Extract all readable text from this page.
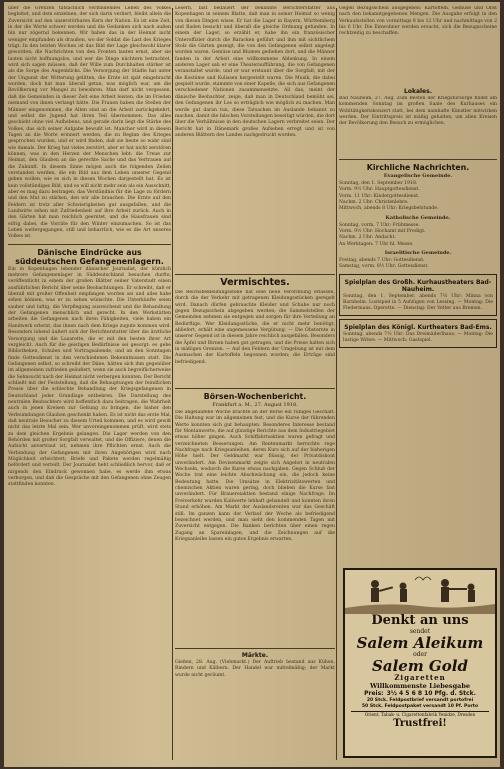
über die Grenzen tatsächlich verbindendes Leben des Volkes begleitet, und dem einzelnen, der sich darin verliert, bleibt allein die Zuversicht auf den unzerstörbaren Kern der Nation. Es ist eine Zeit, in der die Worte schwer werden und die Gedanken sich nach außen hin nur zögernd bekennen. Wir haben das in der Heimat nicht weniger empfunden als draußen, wo der Soldat die Last des Krieges trägt. In den letzten Wochen ist das Bild der Lage gleichwohl klarer geworden; die Nachrichten von den Fronten lauten ernst, aber sie lauten nicht hoffnungslos, und wer die Dinge nüchtern betrachtet, wird sich sagen müssen, daß der Wille zum Durchhalten stärker ist als die Sorge des Augenblicks. Die Versorgung der Städte hat unter der Ungunst der Witterung gelitten, die Ernte ist spät eingebracht worden, doch hat man überall getan, was möglich war, um die Bevölkerung vor Mangel zu bewahren. Man darf nicht vergessen, daß die Gemeinden in dieser Zeit eine Arbeit leisten, die im Frieden niemand von ihnen verlangt hätte. Die Frauen haben die Stellen der Männer eingenommen, die Alten sind an die Arbeit zurückgekehrt, und selbst die Jugend hat ihren Teil übernommen. Das alles geschieht ohne viel Aufhebens, und gerade darin liegt die Stärke des Volkes, das sich seiner Aufgabe bewußt ist. Mancher wird in diesen Tagen an die Worte erinnert werden, die zu Beginn des Krieges gesprochen wurden, und er wird finden, daß sie heute so wahr sind wie damals. Der Krieg hat vieles zerstört, aber er hat nicht zerstören können, was in den Herzen der Menschen lebt: die Treue zur Heimat, den Glauben an die gerechte Sache und das Vertrauen auf die Zukunft. In diesem Sinne mögen auch die folgenden Zeilen verstanden werden, die ein Bild aus dem Leben unserer Gegend geben wollen, wie es sich in diesen Wochen dargestellt hat. Es ist kein vollständiges Bild, und es will nicht mehr sein als ein Ausschnitt, aber es mag dazu beitragen, das Verständnis für die Lage zu fördern und den Mut zu stärken, den wir alle brauchen. Die Ernte auf den Feldern ist trotz aller Schwierigkeiten gut ausgefallen, und die Landwirte sehen mit Zufriedenheit auf ihre Arbeit zurück. Auch in den Gärten hat man reichlich geerntet, und die Hausfrauen sind eifrig dabei, die Vorräte für den Winter einzumachen. So ist das Leben weitergegangen, still und beharrlich, wie es die Art unseres Volkes ist.
Dänische Eindrücke aus süddeutschen Gefangenenlagern.
Ein in Kopenhagen lebender dänischer Journalist, der kürzlich mehrere Gefangenenlager in Süddeutschland besuchen durfte, veröffentlicht in einem der großen Blätter seiner Vaterstadt einen ausführlichen Bericht über seine Beobachtungen. Er schreibt, daß er überall mit großer Offenheit empfangen worden sei und alles habe sehen können, was er zu sehen wünschte. Die Unterkünfte seien sauber und luftig, die Verpflegung ausreichend und die Behandlung der Gefangenen menschlich und gerecht. In den Werkstätten arbeiten die Gefangenen nach ihren Fähigkeiten, viele haben ein Handwerk erlernt, das ihnen nach dem Kriege zugute kommen wird. Besonders lobend äußert sich der Berichterstatter über die ärztliche Versorgung und die Lazarette, die er mit den besten ihrer Art vergleicht. Auch für die geistigen Bedürfnisse sei gesorgt: es gebe Bibliotheken, Schulen und Vortragsabende, und an den Sonntagen finde Gottesdienst in den verschiedenen Bekenntnissen statt. Die Gefangenen selbst, so schreibt der Däne, hätten sich ihm gegenüber im allgemeinen zufrieden geäußert, wenn sie auch begreiflicherweise die Sehnsucht nach der Heimat nicht verbergen konnten. Der Bericht schließt mit der Feststellung, daß die Behauptungen der feindlichen Presse über die schlechte Behandlung der Kriegsgefangenen in Deutschland jeder Grundlage entbehren. Die Darstellung des neutralen Beobachters wird hoffentlich dazu beitragen, die Wahrheit auch in jenen Kreisen zur Geltung zu bringen, die bisher den Verleumdungen Glauben geschenkt haben. Es ist nicht das erste Mal, daß neutrale Besucher zu diesem Urteil kommen, und es wird gewiß nicht das letzte Mal sein. Wer unvoreingenommen prüft, wird stets zu dem gleichen Ergebnis gelangen. Die Lager werden von den Behörden mit großer Sorgfalt verwaltet, und die Offiziere, denen die Aufsicht anvertraut ist, nehmen ihre Pflichten ernst. Auch die Verbindung der Gefangenen mit ihren Angehörigen wird nach Möglichkeit erleichtert; Briefe und Pakete werden regelmäßig befördert und verteilt. Der Journalist hebt schließlich hervor, daß er nirgends den Eindruck gewonnen habe, es werde ihm etwas verborgen, und daß die Gespräche mit den Gefangenen ohne Zeugen stattfinden konnten.
Lesern, fast bedauert der bekannte Berichterstatter aus Kopenhagen in seinem Blatte, daß man in seiner Heimat so wenig von diesen Dingen wisse. Er hat die Lager in Bayern, Württemberg und Baden besucht und überall die gleiche Ordnung gefunden. In einem der Lager, so erzählt er, habe ihn ein französischer Unteroffizier durch die Baracken geführt und ihm mit sichtlichem Stolz die Gärten gezeigt, die von den Gefangenen selbst angelegt worden waren. Gemüse und Blumen gediehen dort, und die Männer fanden in der Arbeit eine willkommene Ablenkung. In einem anderen Lager sah er eine Theateraufführung, die von Gefangenen veranstaltet wurde, und er war erstaunt über die Sorgfalt, mit der die Kostüme und Kulissen hergestellt waren. Die Musik, die dabei gespielt wurde, stammte von einer Kapelle, die sich aus Gefangenen verschiedener Nationen zusammensetzte. All das, meint der dänische Beobachter, zeige, daß man in Deutschland bemüht sei, den Gefangenen ihr Los so erträglich wie möglich zu machen. Man werde gut daran tun, diese Tatsachen im Auslande bekannt zu machen, damit die falschen Vorstellungen beseitigt würden, die dort über die Verhältnisse in den deutschen Lagern verbreitet seien. Der Bericht hat in Dänemark großes Aufsehen erregt und ist von anderen Blättern des Landes nachgedruckt worden.
Vermischtes.
Die Reichsbekleidungsstelle hat eine neue Verordnung erlassen, durch die der Verkehr mit getragenen Kleidungsstücken geregelt wird. Danach dürfen gebrauchte Kleider und Schuhe nur noch gegen Bezugsschein abgegeben werden; die Sammelstellen der Gemeinden nehmen sie entgegen und sorgen für ihre Verteilung an Bedürftige. Wer Kleidungsstücke, die er nicht mehr benötigt, abliefert, erhält eine angemessene Vergütung. — Die Obsternte in unserer Gegend ist in diesem Jahre reichlich ausgefallen. Besonders die Äpfel und Birnen haben gut getragen, und die Preise halten sich in mäßigen Grenzen. — Auf den Feldern der Umgebung ist mit dem Ausmachen der Kartoffeln begonnen worden; die Erträge sind befriedigend.
Börsen-Wochenbericht.
Frankfurt a. M., 27. August 1918.
Die abgelaufene Woche brachte an der Börse ein ruhiges Geschäft. Die Haltung war im allgemeinen fest, und die Kurse der führenden Werte konnten sich gut behaupten. Besonderes Interesse bestand für Montanwerte, die auf günstige Berichte aus dem Industriegebiet etwas höher gingen. Auch Schiffahrtsaktien waren gefragt und verzeichneten Besserungen. Am Rentenmarkt herrschte rege Nachfrage nach Kriegsanleihen, deren Kurs sich auf der bisherigen Höhe hielt. Der Geldmarkt war flüssig, der Privatdiskont unverändert. Am Devisenmarkt zeigte sich Angebot in neutralen Wechseln, wodurch die Kurse etwas nachgaben. Gegen Schluß der Woche trat eine leichte Abschwächung ein, die jedoch keine Bedeutung hatte. Die Umsätze in Elektrizitätswerten und chemischen Aktien waren gering, doch blieben die Kurse fast unverändert. Für Brauereiaktien bestand einige Nachfrage. Im Freiverkehr wurden Kaliwerte lebhaft gehandelt und konnten ihren Stand erhöhen. Am Markt der Auslandsrenten war das Geschäft still. Im ganzen kann der Verlauf der Woche als befriedigend bezeichnet werden, und man sieht den kommenden Tagen mit Zuversicht entgegen. Die Banken berichten über einen regen Zugang an Spareinlagen, und die Zeichnungen auf die Kriegsanleihe lassen ein gutes Ergebnis erwarten.
Märkte.
Gießen, 28. Aug. (Viehmarkt.) Der Auftrieb bestand aus Kühen, Rindern und Kälbern. Der Handel war mittelmäßig; der Markt wurde nicht geräumt.
Gegen Bezugsschein ausgegeben: Kartoffeln, Gemüse und Obst nach den bekanntgegebenen Mengen. Die Ausgabe erfolgt in den Verkaufsstellen von vormittags 8 bis 12 Uhr und nachmittags von 2 bis 6 Uhr. Die Einwohner werden ersucht, sich die Bezugsscheine rechtzeitig zu beschaffen.
Lokales.
Bad Nauheim, 27. Aug. Zum Besten der Kriegsfürsorge findet am kommenden Sonntag im großen Saale des Kurhauses ein Wohltätigkeitskonzert statt, bei dem namhafte Künstler mitwirken werden. Der Eintrittspreis ist mäßig gehalten, um allen Kreisen der Bevölkerung den Besuch zu ermöglichen.
Kirchliche Nachrichten.
Evangelische Gemeinde.
Sonntag, den 1. September 1918.
Vorm. 9½ Uhr: Hauptgottesdienst.
Vorm. 11 Uhr: Kindergottesdienst.
Nachm. 2 Uhr: Christenlehre.
Mittwoch, abends 8 Uhr: Kriegsbetstunde.
Katholische Gemeinde.
Sonntag, vorm. 7 Uhr: Frühmesse.
Vorm. 9½ Uhr: Hochamt mit Predigt.
Nachm. 2 Uhr: Andacht.
An Werktagen: 7 Uhr hl. Messe.
Israelitische Gemeinde.
Freitag, abends 7 Uhr: Gottesdienst.
Samstag, vorm. 8½ Uhr: Gottesdienst.
Spielplan des Großh. Kurhaustheaters Bad-Nauheim.
Sonntag, den 1. September, abends 7½ Uhr: Minna von Barnhelm. Lustspiel in 5 Aufzügen von Lessing. — Montag: Die Fledermaus. Operette. — Dienstag: Der Vetter aus Bremen.
Spielplan des Königl. Kurtheaters Bad-Ems.
Sonntag, abends 7½ Uhr: Das Dreimäderlhaus. — Montag: Die lustige Witwe. — Mittwoch: Gastspiel.
Denkt an uns
sendet
Salem Aleikum
oder
Salem Gold
Zigaretten
Willkommenste Liebesgabe
Preis: 3½ 4 5 6 8 10 Pfg. d. Stck.
20 Stck. Feldpostbrief versandt portofrei
50 Stck. Feldpostpaket versandt 10 Pf. Porto
Orient. Tabak- u. Cigarettenfabrik Yenidze, Dresden
Trustfrei!
